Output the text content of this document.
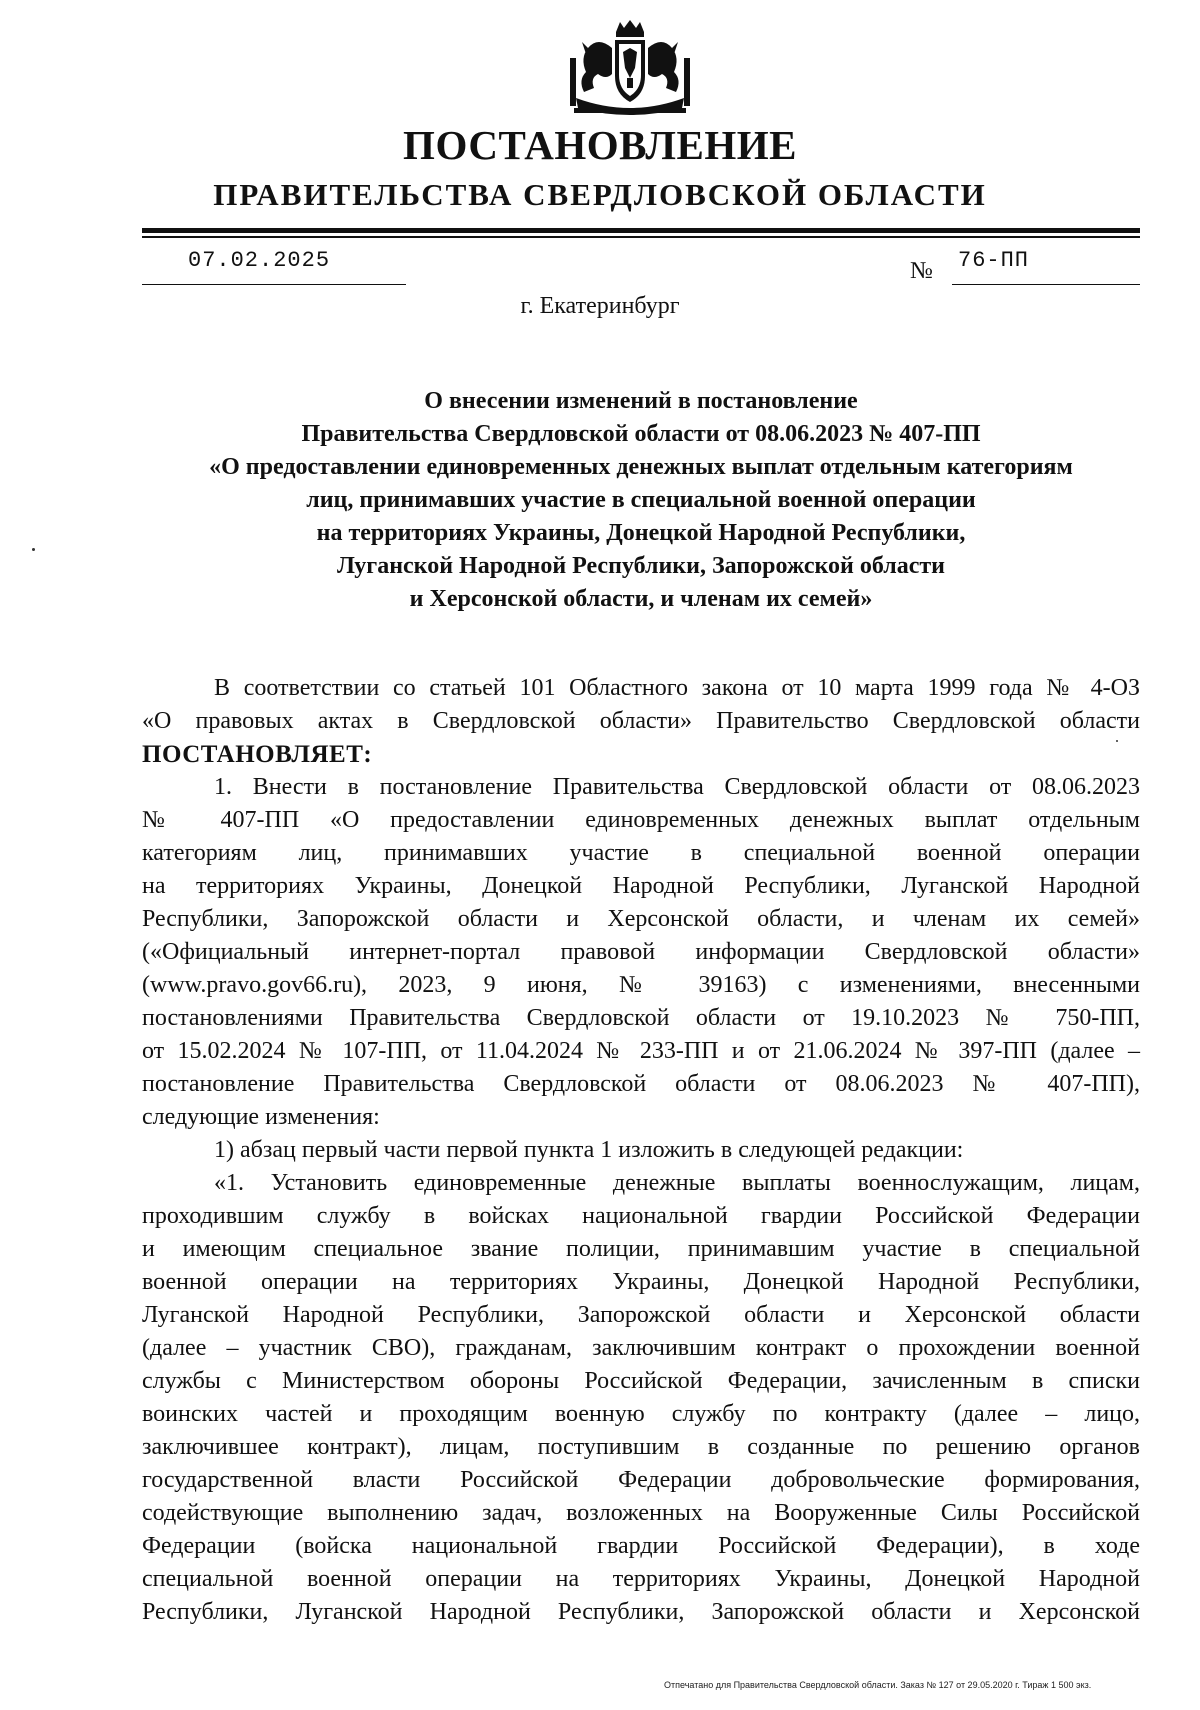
ПОСТАНОВЛЕНИЕ
ПРАВИТЕЛЬСТВА СВЕРДЛОВСКОЙ ОБЛАСТИ
07.02.2025	№ 76-ПП

г. Екатеринбург

О внесении изменений в постановление
Правительства Свердловской области от 08.06.2023 № 407-ПП
«О предоставлении единовременных денежных выплат отдельным категориям
лиц, принимавших участие в специальной военной операции
на территориях Украины, Донецкой Народной Республики,
Луганской Народной Республики, Запорожской области
и Херсонской области, и членам их семей»
В соответствии со статьей 101 Областного закона от 10 марта 1999 года № 4-ОЗ
«О правовых актах в Свердловской области» Правительство Свердловской области
ПОСТАНОВЛЯЕТ:
1. Внести в постановление Правительства Свердловской области от 08.06.2023
№ 407-ПП «О предоставлении единовременных денежных выплат отдельным
категориям лиц, принимавших участие в специальной военной операции
на территориях Украины, Донецкой Народной Республики, Луганской Народной
Республики, Запорожской области и Херсонской области, и членам их семей»
(«Официальный интернет-портал правовой информации Свердловской области»
(www.pravo.gov66.ru), 2023, 9 июня, № 39163) с изменениями, внесенными
постановлениями Правительства Свердловской области от 19.10.2023 № 750-ПП,
от 15.02.2024 № 107-ПП, от 11.04.2024 № 233-ПП и от 21.06.2024 № 397-ПП (далее –
постановление Правительства Свердловской области от 08.06.2023 № 407-ПП),
следующие изменения:
1) абзац первый части первой пункта 1 изложить в следующей редакции:
«1. Установить единовременные денежные выплаты военнослужащим, лицам,
проходившим службу в войсках национальной гвардии Российской Федерации
и имеющим специальное звание полиции, принимавшим участие в специальной
военной операции на территориях Украины, Донецкой Народной Республики,
Луганской Народной Республики, Запорожской области и Херсонской области
(далее – участник СВО), гражданам, заключившим контракт о прохождении военной
службы с Министерством обороны Российской Федерации, зачисленным в списки
воинских частей и проходящим военную службу по контракту (далее – лицо,
заключившее контракт), лицам, поступившим в созданные по решению органов
государственной власти Российской Федерации добровольческие формирования,
содействующие выполнению задач, возложенных на Вооруженные Силы Российской
Федерации (войска национальной гвардии Российской Федерации), в ходе
специальной военной операции на территориях Украины, Донецкой Народной
Республики, Луганской Народной Республики, Запорожской области и Херсонской
Отпечатано для Правительства Свердловской области. Заказ № 127 от 29.05.2020 г. Тираж 1 500 экз.
